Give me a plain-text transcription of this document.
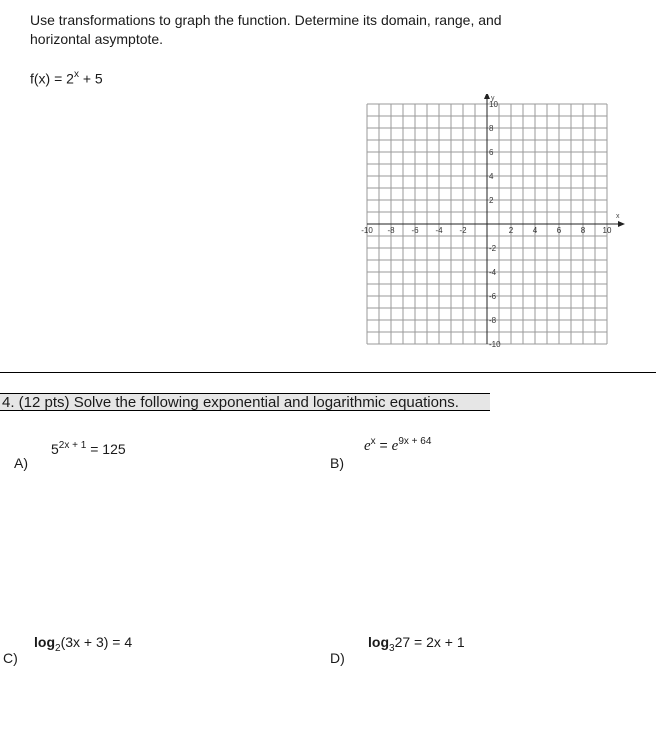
Use transformations to graph the function. Determine its domain, range, and
horizontal asymptote.
$f(x) = 2^x + 5$
x
y
-10 -8 -6 -4 -2	2 4 6 8 10
10
8
6
4
2
-2
-4
-6
-8
-10
4. (12 pts) Solve the following exponential and logarithmic equations.
A)
$5^{2x + 1} = 125$
B)
$e^x = e^{9x + 64}$
C)
$\log_2(3x + 3) = 4$
D)
$\log_327 = 2x + 1$
